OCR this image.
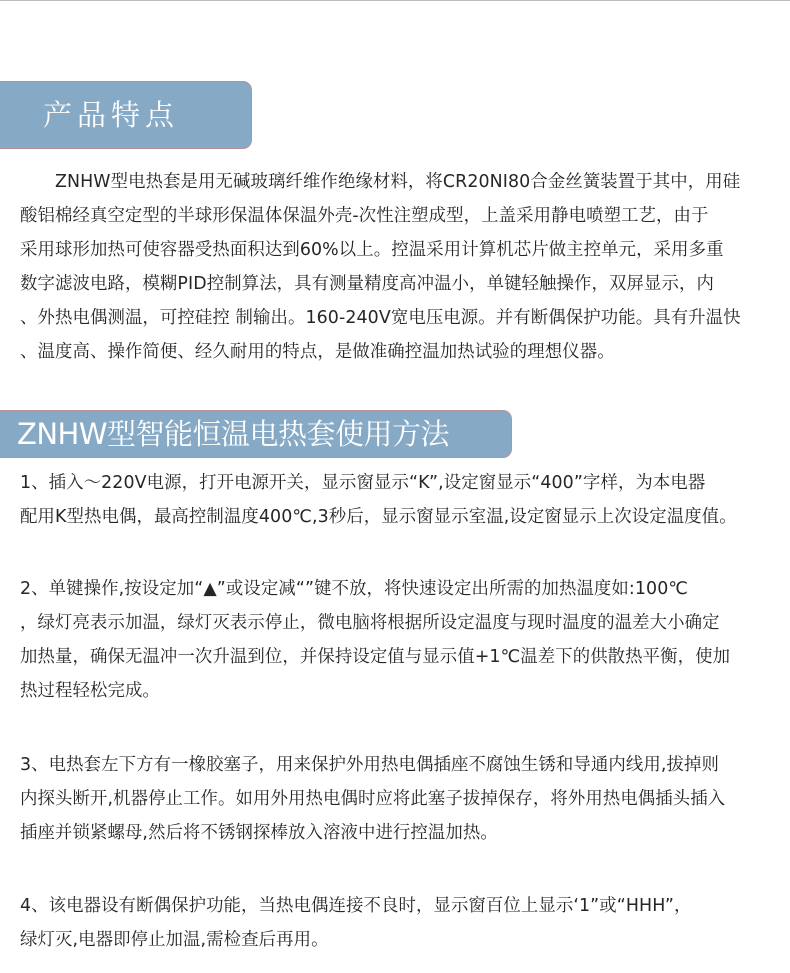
产品特点
ZNHW型电热套是用无碱玻璃纤维作绝缘材料，将CR20NI80合金丝簧装置于其中，用硅
酸铝棉经真空定型的半球形保温体保温外壳-次性注塑成型，上盖采用静电喷塑工艺，由于
采用球形加热可使容器受热面积达到60%以上。控温采用计算机芯片做主控单元，采用多重
数字滤波电路，模糊PID控制算法，具有测量精度高冲温小，单键轻触操作，双屏显示，内
、外热电偶测温，可控硅控 制输出。160-240V宽电压电源。并有断偶保护功能。具有升温快
、温度高、操作简便、经久耐用的特点，是做准确控温加热试验的理想仪器。
ZNHW型智能恒温电热套使用方法
1、插入～220V电源，打开电源开关，显示窗显示“K”,设定窗显示“400”字样，为本电器
配用K型热电偶，最高控制温度400℃,3秒后，显示窗显示室温,设定窗显示上次设定温度值。
2、单键操作,按设定加“▲”或设定减“”键不放，将快速设定出所需的加热温度如:100℃
，绿灯亮表示加温，绿灯灭表示停止，微电脑将根据所设定温度与现时温度的温差大小确定
加热量，确保无温冲一次升温到位，并保持设定值与显示值+1℃温差下的供散热平衡，使加
热过程轻松完成。
3、电热套左下方有一橡胶塞子，用来保护外用热电偶插座不腐蚀生锈和导通内线用,拔掉则
内探头断开,机器停止工作。如用外用热电偶时应将此塞子拔掉保存，将外用热电偶插头插入
插座并锁紧螺母,然后将不锈钢探棒放入溶液中进行控温加热。
4、该电器设有断偶保护功能，当热电偶连接不良时，显示窗百位上显示‘1”或“HHH”，
绿灯灭,电器即停止加温,需检查后再用。
